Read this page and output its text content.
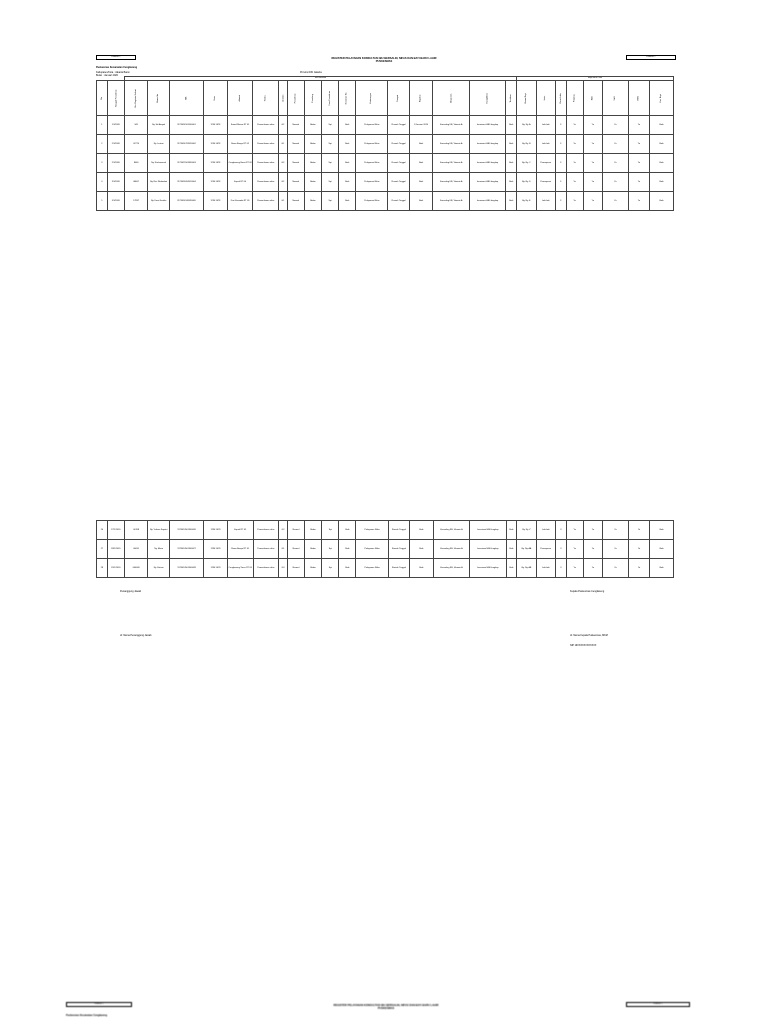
Formulir 1	Formulir 1
REGISTER PELAYANAN KONSULTASI IBU BERSALIN, NIFAS DAN BAYI BARU LAHIR
PUSKESMAS
Puskesmas Kecamatan Cengkareng
Kabupaten/Kota : Jakarta Barat
Bulan : Januari 2020
Provinsi DKI Jakarta
		Ibu Bersalin																	Bayi Baru Lahir							
No	Tanggal Persalinan	No. Register Kohort	Nama Ibu	NIK	Usia	Alamat	Status	Gravida	Persalinan	Penolong	Cara Persalinan	Keadaan Ibu	Keterangan	Tempat	Rujukan	Diagnosis	Komplikasi	Tindakan	Nama Bayi	Jenis	Berat Lahir	Panjang	IMD	Vit K	HB0	Ket. Bayi
1	1/1/2020	345	Ny. Siti Aisyah	3173014501900001	1234 5678	Kamal Muara RT 01	Pemeriksaan nifas	G2	Normal	Bidan	Spt	Baik	Pelayanan Nifas	Rumah Tinggal	8 Januari 2020	Konseling KB, Vitamin A	Imunisasi HB0 lengkap	Baik	By. Ny. A	Laki-laki	3	Ya	Ya	Ya	Ya	Baik
2	2/1/2020	02770	Ny. Lestari	3173014703920002	1234 5678	Rawa Buaya RT 02	Pemeriksaan nifas	G1	Normal	Bidan	Spt	Baik	Pelayanan Nifas	Rumah Tinggal	Baik	Konseling KB, Vitamin A	Imunisasi HB0 lengkap	Baik	By. Ny. B	Laki-laki	3	Ya	Ya	Ya	Ya	Baik
3	2/1/2020	8060	Ny. Nurhasanah	3173015501890003	1234 5678	Cengkareng Barat RT 03	Pemeriksaan nifas	G3	Normal	Bidan	Spt	Baik	Pelayanan Nifas	Rumah Tinggal	Baik	Konseling KB, Vitamin A	Imunisasi HB0 lengkap	Baik	By. Ny. C	Perempuan	3	Ya	Ya	Ya	Ya	Baik
4	3/1/2020	08007	Ny. Rini Wulandari	3173016204910004	1234 5678	Kapuk RT 04	Pemeriksaan nifas	G2	Normal	Bidan	Spt	Baik	Pelayanan Nifas	Rumah Tinggal	Baik	Konseling KB, Vitamin A	Imunisasi HB0 lengkap	Baik	By. Ny. D	Perempuan	3	Ya	Ya	Ya	Ya	Baik
5	3/1/2020	17897	Ny. Dewi Kartika	3173014108930005	1234 5678	Duri Kosambi RT 05	Pemeriksaan nifas	G1	Normal	Bidan	Spt	Baik	Pelayanan Nifas	Rumah Tinggal	Baik	Konseling KB, Vitamin A	Imunisasi HB0 lengkap	Baik	By. Ny. E	Laki-laki	3	Ya	Ya	Ya	Ya	Baik
26	27/1/2020	00708	Ny. Yuliana Saputri	3173014501900026	1234 5678	Kapuk RT 05	Pemeriksaan nifas	G2	Normal	Bidan	Spt	Baik	Pelayanan Nifas	Rumah Tinggal	Baik	Konseling KB, Vitamin A	Imunisasi HB0 lengkap	Baik	By. Ny. Z	Laki-laki	3	Ya	Ya	Ya	Ya	Baik
27	28/1/2020	00091	Ny. Maria	3173014501900027	1234 5678	Rawa Buaya RT 01	Pemeriksaan nifas	G1	Normal	Bidan	Spt	Baik	Pelayanan Nifas	Rumah Tinggal	Baik	Konseling KB, Vitamin A	Imunisasi HB0 lengkap	Baik	By. Ny. AA	Perempuan	3	Ya	Ya	Ya	Ya	Baik
28	29/1/2020	000009	Ny. Fitriani	3173014501900028	1234 5678	Cengkareng Timur RT 03	Pemeriksaan nifas	G3	Normal	Bidan	Spt	Baik	Pelayanan Nifas	Rumah Tinggal	Baik	Konseling KB, Vitamin A	Imunisasi HB0 lengkap	Baik	By. Ny. AB	Laki-laki	3	Ya	Ya	Ya	Ya	Baik
Penanggung Jawab	Kepala Puskesmas Cengkareng
dr. Nama Penanggung Jawab	dr. Nama Kepala Puskesmas, MKM
NIP 19XXXXXXXXXXXX
Formulir 1	Formulir 1
REGISTER PELAYANAN KONSULTASI IBU BERSALIN, NIFAS DAN BAYI BARU LAHIR
PUSKESMAS
Puskesmas Kecamatan Cengkareng
